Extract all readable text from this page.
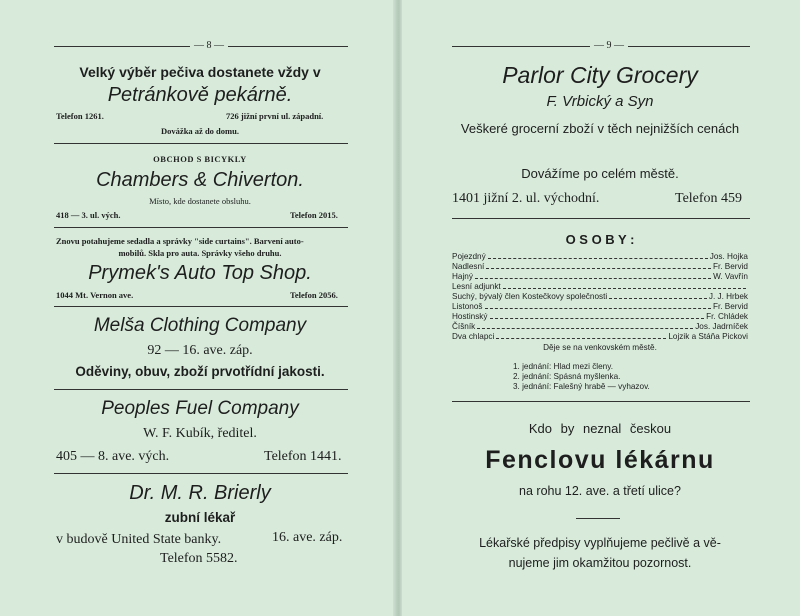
— 8 —
Velký výběr pečiva dostanete vždy v
Petránkově pekárně.
Telefon 1261.	726 jižní první ul. západní.
Dovážka až do domu.
OBCHOD S BICYKLY
Chambers & Chiverton.
Místo, kde dostanete obsluhu.
418 — 3. ul. vých.	Telefon 2015.
Znovu potahujeme sedadla a správky "side curtains". Barvení auto-
mobilů. Skla pro auta. Správky všeho druhu.
Prymek's Auto Top Shop.
1044 Mt. Vernon ave.	Telefon 2056.
Melša Clothing Company
92 — 16. ave. záp.
Oděviny, obuv, zboží prvotřídní jakosti.
Peoples Fuel Company
W. F. Kubík, ředitel.
405 — 8. ave. vých.	Telefon 1441.
Dr. M. R. Brierly
zubní lékař
v budově United State banky.	16. ave. záp.
Telefon 5582.
— 9 —
Parlor City Grocery
F. Vrbický a Syn
Veškeré grocerní zboží v těch nejnižších cenách
Dovážíme po celém městě.
1401 jižní 2. ul. východní.	Telefon 459
O S O B Y :
Pojezdný	Jos. Hojka
Nadlesní	Fr. Bervid
Hajný	W. Vavřín
Lesní adjunkt
Suchý, bývalý člen Kostečkovy společnosti	J. J. Hrbek
Listonoš	Fr. Bervid
Hostinský	Fr. Chládek
Číšník	Jos. Jadrníček
Dva chlapci	Lojzik a Stáňa Pickovi
Děje se na venkovském městě.
1. jednání: Hlad mezi členy.
2. jednání: Spásná myšlenka.
3. jednání: Falešný hrabě — vyhazov.
Kdo by neznal českou
Fenclovu lékárnu
na rohu 12. ave. a třetí ulice?
Lékařské předpisy vyplňujeme pečlivě a vě-
nujeme jim okamžitou pozornost.
